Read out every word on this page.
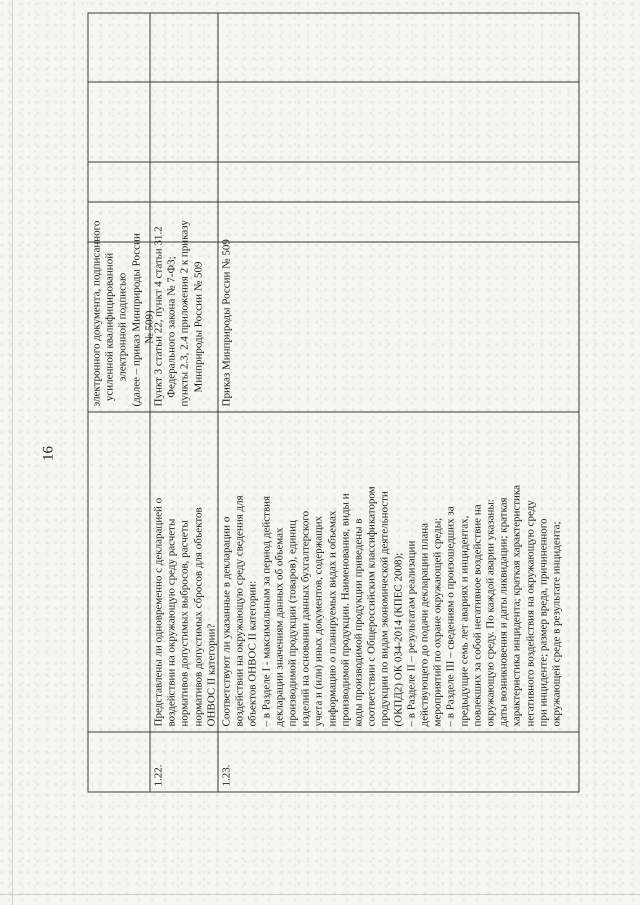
16
электронного документа, подписанного усиленной квалифицированной электронной подписью (далее – приказ Минприроды России № 509)
1.22.
Представлены ли одновременно с декларацией о воздействии на окружающую среду расчеты нормативов допустимых выбросов, расчеты нормативов допустимых сбросов для объектов ОНВОС II категории?
Пункт 3 статьи 22, пункт 4 статьи 31.2 Федерального закона № 7-ФЗ; пункты 2.3, 2.4 приложения 2 к приказу Минприроды России № 509
1.23.
Соответствуют ли указанные в декларации о воздействии на окружающую среду сведения для объектов ОНВОС II категории: – в Разделе I - максимальным за период действия декларации значениям данных об объемах производимой продукции (товаров), единиц изделий на основании данных бухгалтерского учета и (или) иных документов, содержащих информацию о планируемых видах и объемах производимой продукции. Наименования, виды и коды производимой продукции приведены в соответствии с Общероссийским классификатором продукции по видам экономической деятельности (ОКПД2) ОК 034-2014 (КПЕС 2008); – в Разделе II – результатам реализации действующего до подачи декларации плана мероприятий по охране окружающей среды; – в Разделе III – сведениям о произошедших за предыдущие семь лет авариях и инцидентах, повлекших за собой негативное воздействие на окружающую среду. По каждой аварии указаны: даты возникновения и даты ликвидации; краткая характеристика инцидента; краткая характеристика негативного воздействия на окружающую среду при инциденте; размер вреда, причиненного окружающей среде в результате инцидента;
Приказ Минприроды России № 509
